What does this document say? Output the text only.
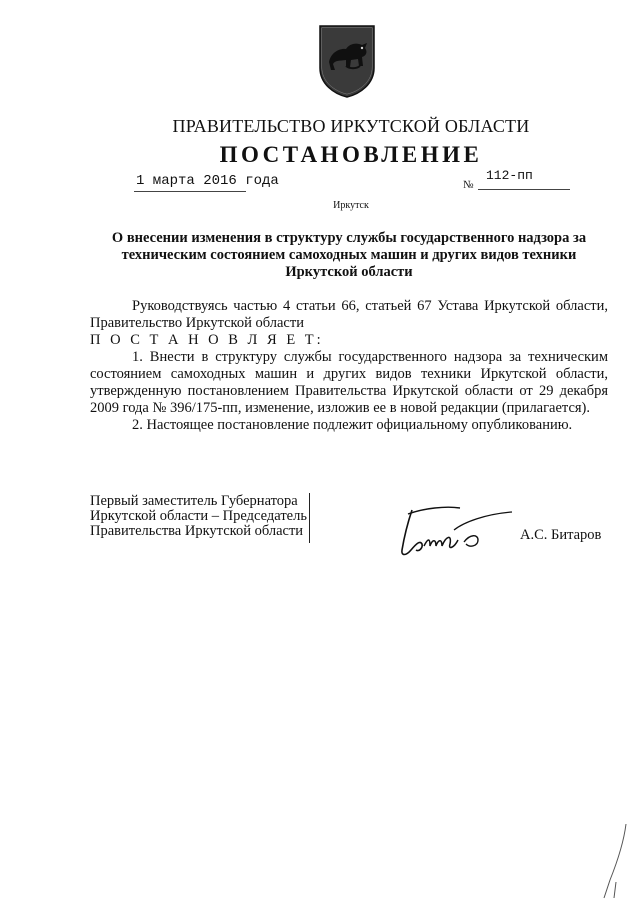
ПРАВИТЕЛЬСТВО ИРКУТСКОЙ ОБЛАСТИ
ПОСТАНОВЛЕНИЕ
1 марта 2016 года	№
112-пп
Иркутск
О внесении изменения в структуру службы государственного надзора за
техническим состоянием самоходных машин и других видов техники
Иркутской области

Руководствуясь частью 4 статьи 66, статьей 67 Устава Иркутской области, Правительство Иркутской области

П О С Т А Н О В Л Я Е Т:

1. Внести в структуру службы государственного надзора за техническим состоянием самоходных машин и других видов техники Иркутской области, утвержденную постановлением Правительства Иркутской области от 29 декабря 2009 года № 396/175-пп, изменение, изложив ее в новой редакции (прилагается).

2. Настоящее постановление подлежит официальному опубликованию.

Первый заместитель Губернатора
Иркутской области – Председатель
Правительства Иркутской области	А.С. Битаров
